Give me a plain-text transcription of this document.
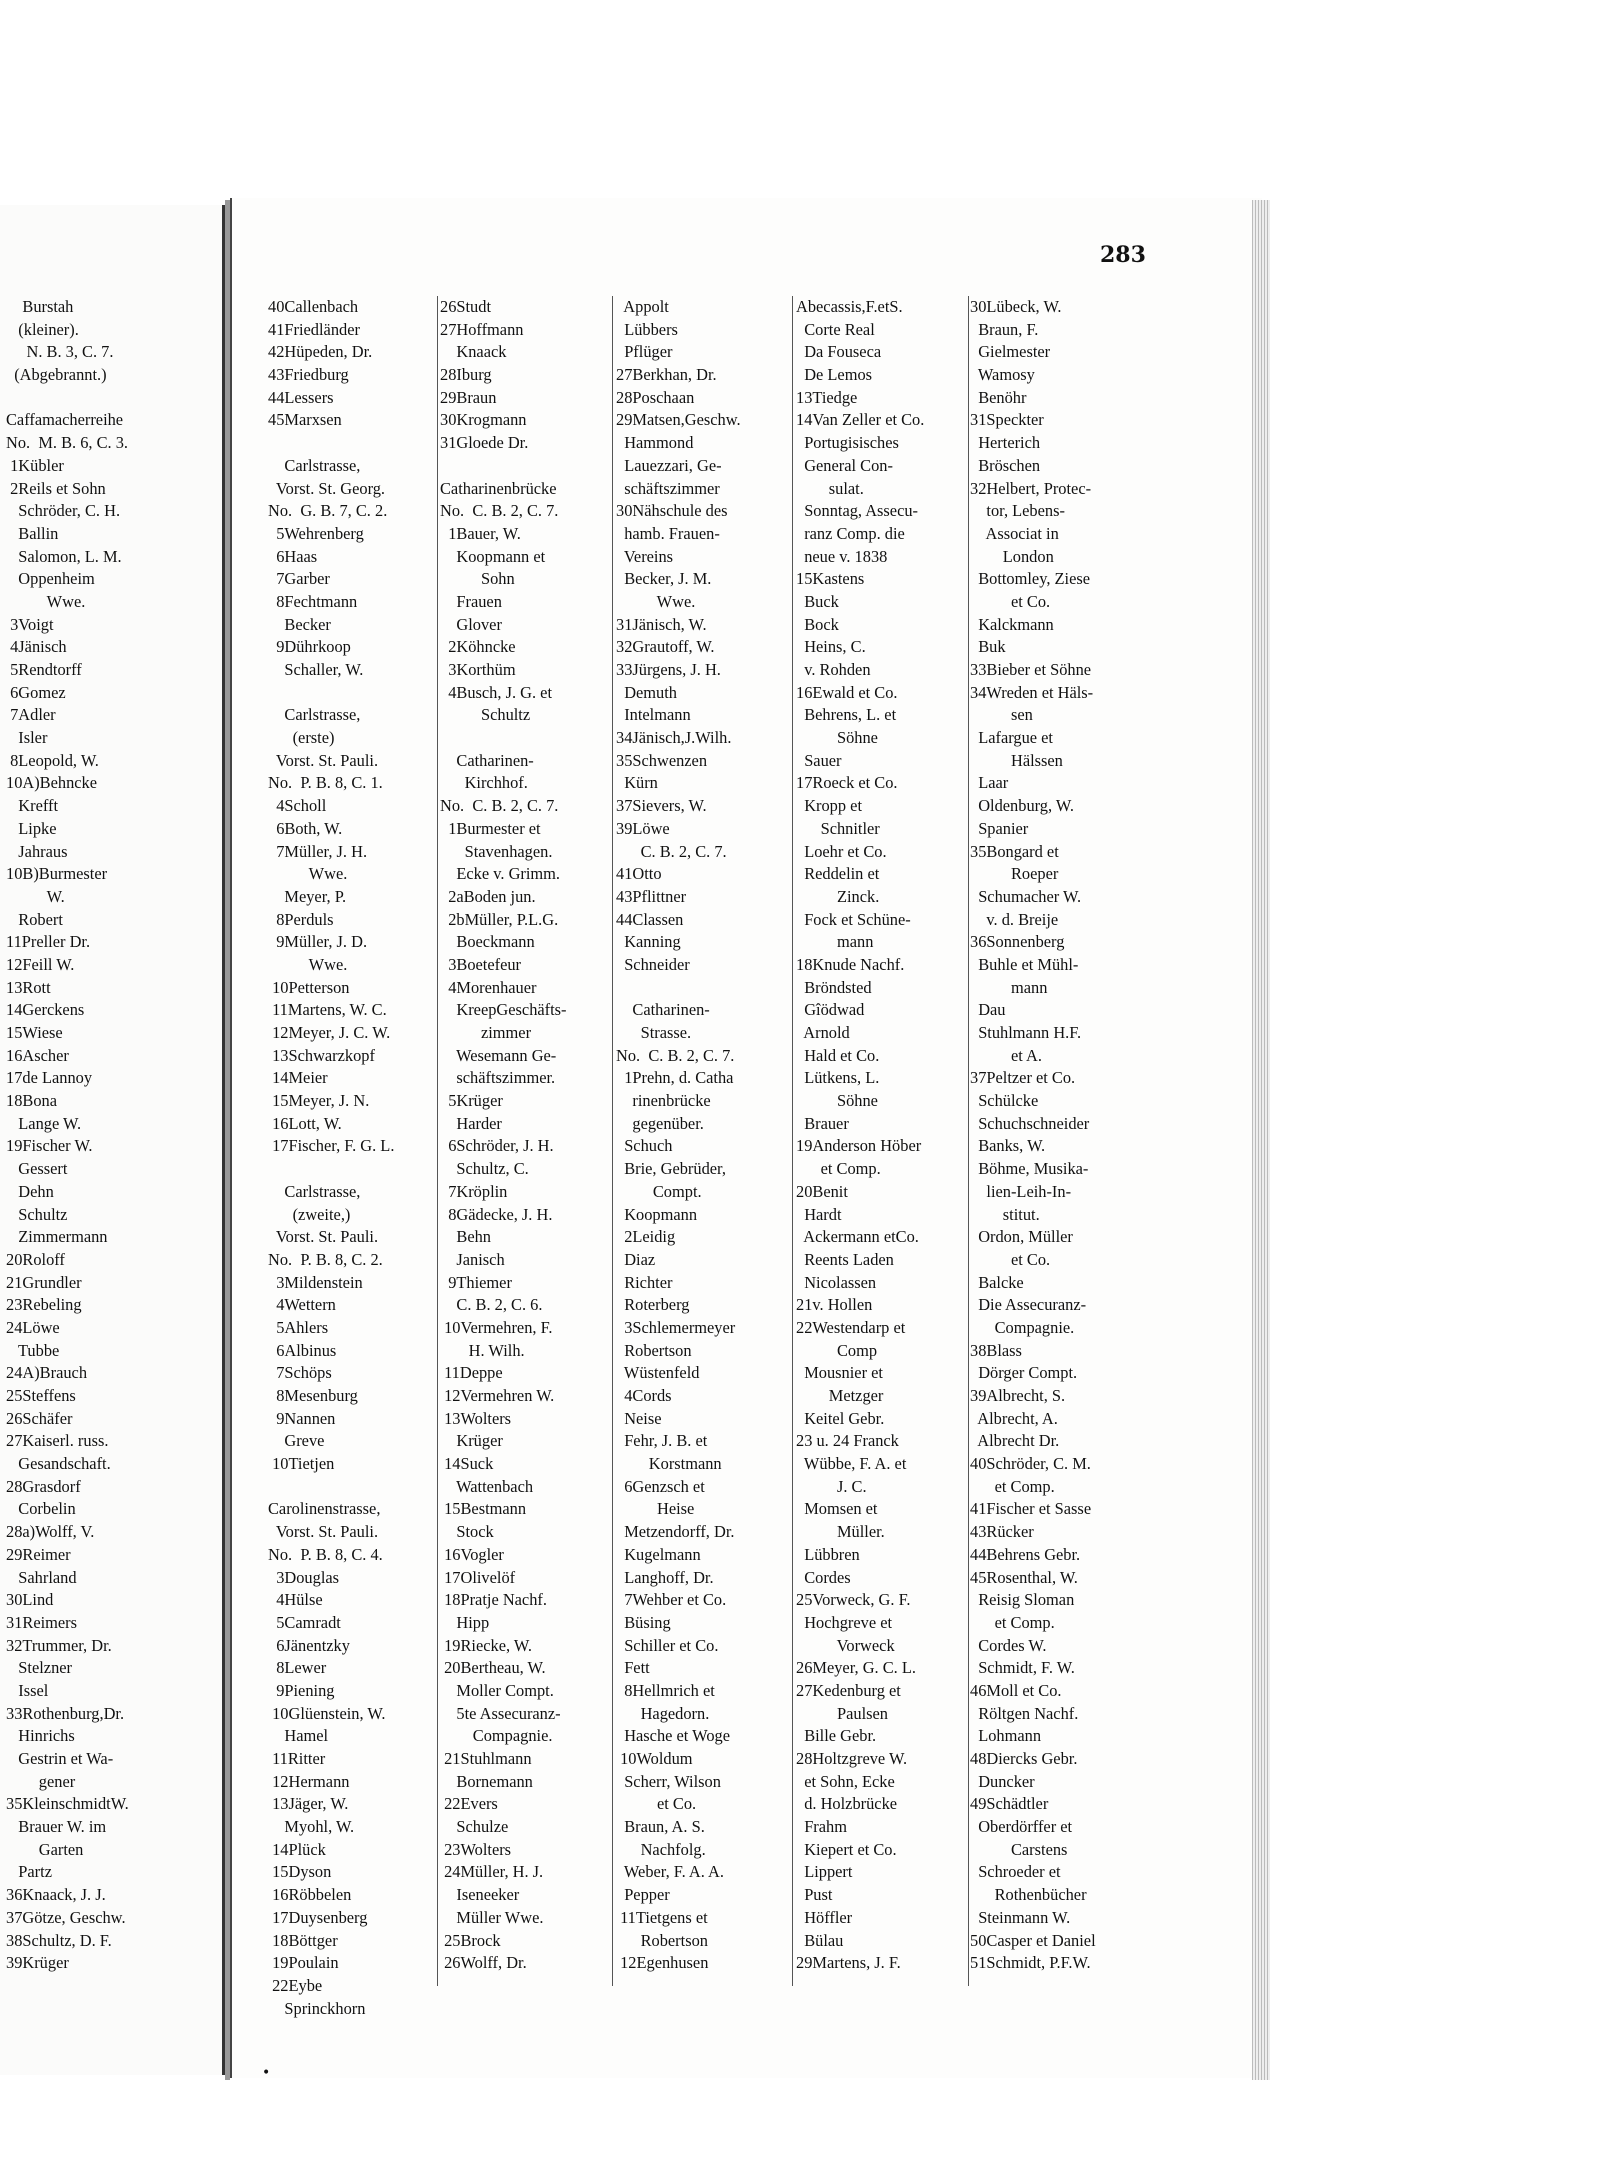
283
Burstah
(kleiner).
N. B. 3, C. 7.
(Abgebrannt.)
Caffamacherreihe
No.  M. B. 6, C. 3.
1Kübler
2Reils et Sohn
Schröder, C. H.
Ballin
Salomon, L. M.
Oppenheim
Wwe.
3Voigt
4Jänisch
5Rendtorff
6Gomez
7Adler
Isler
8Leopold, W.
10A)Behncke
Krefft
Lipke
Jahraus
10B)Burmester
W.
Robert
11Preller Dr.
12Feill W.
13Rott
14Gerckens
15Wiese
16Ascher
17de Lannoy
18Bona
Lange W.
19Fischer W.
Gessert
Dehn
Schultz
Zimmermann
20Roloff
21Grundler
23Rebeling
24Löwe
Tubbe
24A)Brauch
25Steffens
26Schäfer
27Kaiserl. russ.
Gesandschaft.
28Grasdorf
Corbelin
28a)Wolff, V.
29Reimer
Sahrland
30Lind
31Reimers
32Trummer, Dr.
Stelzner
Issel
33Rothenburg,Dr.
Hinrichs
Gestrin et Wa-
gener
35KleinschmidtW.
Brauer W. im
Garten
Partz
36Knaack, J. J.
37Götze, Geschw.
38Schultz, D. F.
39Krüger
40Callenbach
41Friedländer
42Hüpeden, Dr.
43Friedburg
44Lessers
45Marxsen
Carlstrasse,
Vorst. St. Georg.
No.  G. B. 7, C. 2.
5Wehrenberg
6Haas
7Garber
8Fechtmann
Becker
9Dührkoop
Schaller, W.
Carlstrasse,
(erste)
Vorst. St. Pauli.
No.  P. B. 8, C. 1.
4Scholl
6Both, W.
7Müller, J. H.
Wwe.
Meyer, P.
8Perduls
9Müller, J. D.
Wwe.
10Petterson
11Martens, W. C.
12Meyer, J. C. W.
13Schwarzkopf
14Meier
15Meyer, J. N.
16Lott, W.
17Fischer, F. G. L.
Carlstrasse,
(zweite,)
Vorst. St. Pauli.
No.  P. B. 8, C. 2.
3Mildenstein
4Wettern
5Ahlers
6Albinus
7Schöps
8Mesenburg
9Nannen
Greve
10Tietjen
Carolinenstrasse,
Vorst. St. Pauli.
No.  P. B. 8, C. 4.
3Douglas
4Hülse
5Camradt
6Jänentzky
8Lewer
9Piening
10Glüenstein, W.
Hamel
11Ritter
12Hermann
13Jäger, W.
Myohl, W.
14Plück
15Dyson
16Röbbelen
17Duysenberg
18Böttger
19Poulain
22Eybe
Sprinckhorn
26Studt
27Hoffmann
Knaack
28Iburg
29Braun
30Krogmann
31Gloede Dr.
Catharinenbrücke
No.  C. B. 2, C. 7.
1Bauer, W.
Koopmann et
Sohn
Frauen
Glover
2Köhncke
3Korthüm
4Busch, J. G. et
Schultz
Catharinen-
Kirchhof.
No.  C. B. 2, C. 7.
1Burmester et
Stavenhagen.
Ecke v. Grimm.
2aBoden jun.
2bMüller, P.L.G.
Boeckmann
3Boetefeur
4Morenhauer
KreepGeschäfts-
zimmer
Wesemann Ge-
schäftszimmer.
5Krüger
Harder
6Schröder, J. H.
Schultz, C.
7Kröplin
8Gädecke, J. H.
Behn
Janisch
9Thiemer
C. B. 2, C. 6.
10Vermehren, F.
H. Wilh.
11Deppe
12Vermehren W.
13Wolters
Krüger
14Suck
Wattenbach
15Bestmann
Stock
16Vogler
17Olivelöf
18Pratje Nachf.
Hipp
19Riecke, W.
20Bertheau, W.
Moller Compt.
5te Assecuranz-
Compagnie.
21Stuhlmann
Bornemann
22Evers
Schulze
23Wolters
24Müller, H. J.
Iseneeker
Müller Wwe.
25Brock
26Wolff, Dr.
Appolt
Lübbers
Pflüger
27Berkhan, Dr.
28Poschaan
29Matsen,Geschw.
Hammond
Lauezzari, Ge-
schäftszimmer
30Nähschule des
hamb. Frauen-
Vereins
Becker, J. M.
Wwe.
31Jänisch, W.
32Grautoff, W.
33Jürgens, J. H.
Demuth
Intelmann
34Jänisch,J.Wilh.
35Schwenzen
Kürn
37Sievers, W.
39Löwe
C. B. 2, C. 7.
41Otto
43Pflittner
44Classen
Kanning
Schneider
Catharinen-
Strasse.
No.  C. B. 2, C. 7.
1Prehn, d. Catha
rinenbrücke
gegenüber.
Schuch
Brie, Gebrüder,
Compt.
Koopmann
2Leidig
Diaz
Richter
Roterberg
3Schlemermeyer
Robertson
Wüstenfeld
4Cords
Neise
Fehr, J. B. et
Korstmann
6Genzsch et
Heise
Metzendorff, Dr.
Kugelmann
Langhoff, Dr.
7Wehber et Co.
Büsing
Schiller et Co.
Fett
8Hellmrich et
Hagedorn.
Hasche et Woge
10Woldum
Scherr, Wilson
et Co.
Braun, A. S.
Nachfolg.
Weber, F. A. A.
Pepper
11Tietgens et
Robertson
12Egenhusen
Abecassis,F.etS.
Corte Real
Da Fouseca
De Lemos
13Tiedge
14Van Zeller et Co.
Portugisisches
General Con-
sulat.
Sonntag, Assecu-
ranz Comp. die
neue v. 1838
15Kastens
Buck
Bock
Heins, C.
v. Rohden
16Ewald et Co.
Behrens, L. et
Söhne
Sauer
17Roeck et Co.
Kropp et
Schnitler
Loehr et Co.
Reddelin et
Zinck.
Fock et Schüne-
mann
18Knude Nachf.
Bröndsted
Gîödwad
Arnold
Hald et Co.
Lütkens, L.
Söhne
Brauer
19Anderson Höber
et Comp.
20Benit
Hardt
Ackermann etCo.
Reents Laden
Nicolassen
21v. Hollen
22Westendarp et
Comp
Mousnier et
Metzger
Keitel Gebr.
23 u. 24 Franck
Wübbe, F. A. et
J. C.
Momsen et
Müller.
Lübbren
Cordes
25Vorweck, G. F.
Hochgreve et
Vorweck
26Meyer, G. C. L.
27Kedenburg et
Paulsen
Bille Gebr.
28Holtzgreve W.
et Sohn, Ecke
d. Holzbrücke
Frahm
Kiepert et Co.
Lippert
Pust
Höffler
Bülau
29Martens, J. F.
30Lübeck, W.
Braun, F.
Gielmester
Wamosy
Benöhr
31Speckter
Herterich
Bröschen
32Helbert, Protec-
tor, Lebens-
Associat in
London
Bottomley, Ziese
et Co.
Kalckmann
Buk
33Bieber et Söhne
34Wreden et Häls-
sen
Lafargue et
Hälssen
Laar
Oldenburg, W.
Spanier
35Bongard et
Roeper
Schumacher W.
v. d. Breije
36Sonnenberg
Buhle et Mühl-
mann
Dau
Stuhlmann H.F.
et A.
37Peltzer et Co.
Schülcke
Schuchschneider
Banks, W.
Böhme, Musika-
lien-Leih-In-
stitut.
Ordon, Müller
et Co.
Balcke
Die Assecuranz-
Compagnie.
38Blass
Dörger Compt.
39Albrecht, S.
Albrecht, A.
Albrecht Dr.
40Schröder, C. M.
et Comp.
41Fischer et Sasse
43Rücker
44Behrens Gebr.
45Rosenthal, W.
Reisig Sloman
et Comp.
Cordes W.
Schmidt, F. W.
46Moll et Co.
Röltgen Nachf.
Lohmann
48Diercks Gebr.
Duncker
49Schädtler
Oberdörffer et
Carstens
Schroeder et
Rothenbücher
Steinmann W.
50Casper et Daniel
51Schmidt, P.F.W.
•
